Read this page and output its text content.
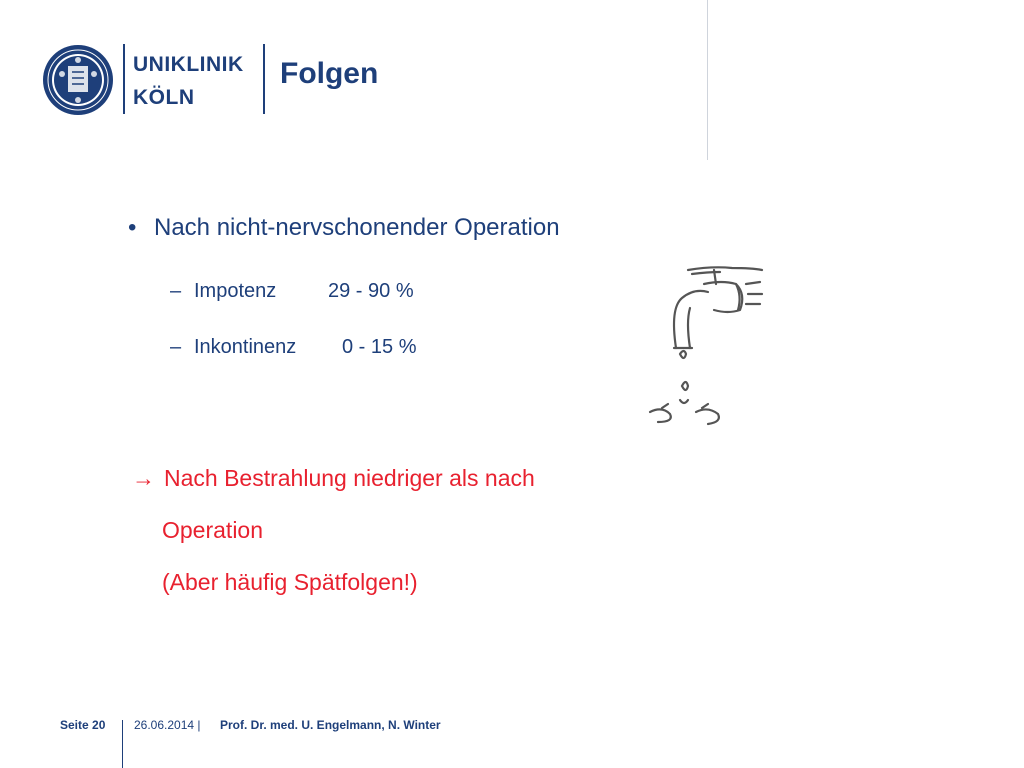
UNIKLINIK
KÖLN
Folgen
• Nach nicht-nervschonender Operation
– Impotenz	29 - 90 %
– Inkontinenz 0 - 15 %
→ Nach Bestrahlung niedriger als nach
Operation
(Aber häufig Spätfolgen!)
Seite 20 26.06.2014 | Prof. Dr. med. U. Engelmann, N. Winter
